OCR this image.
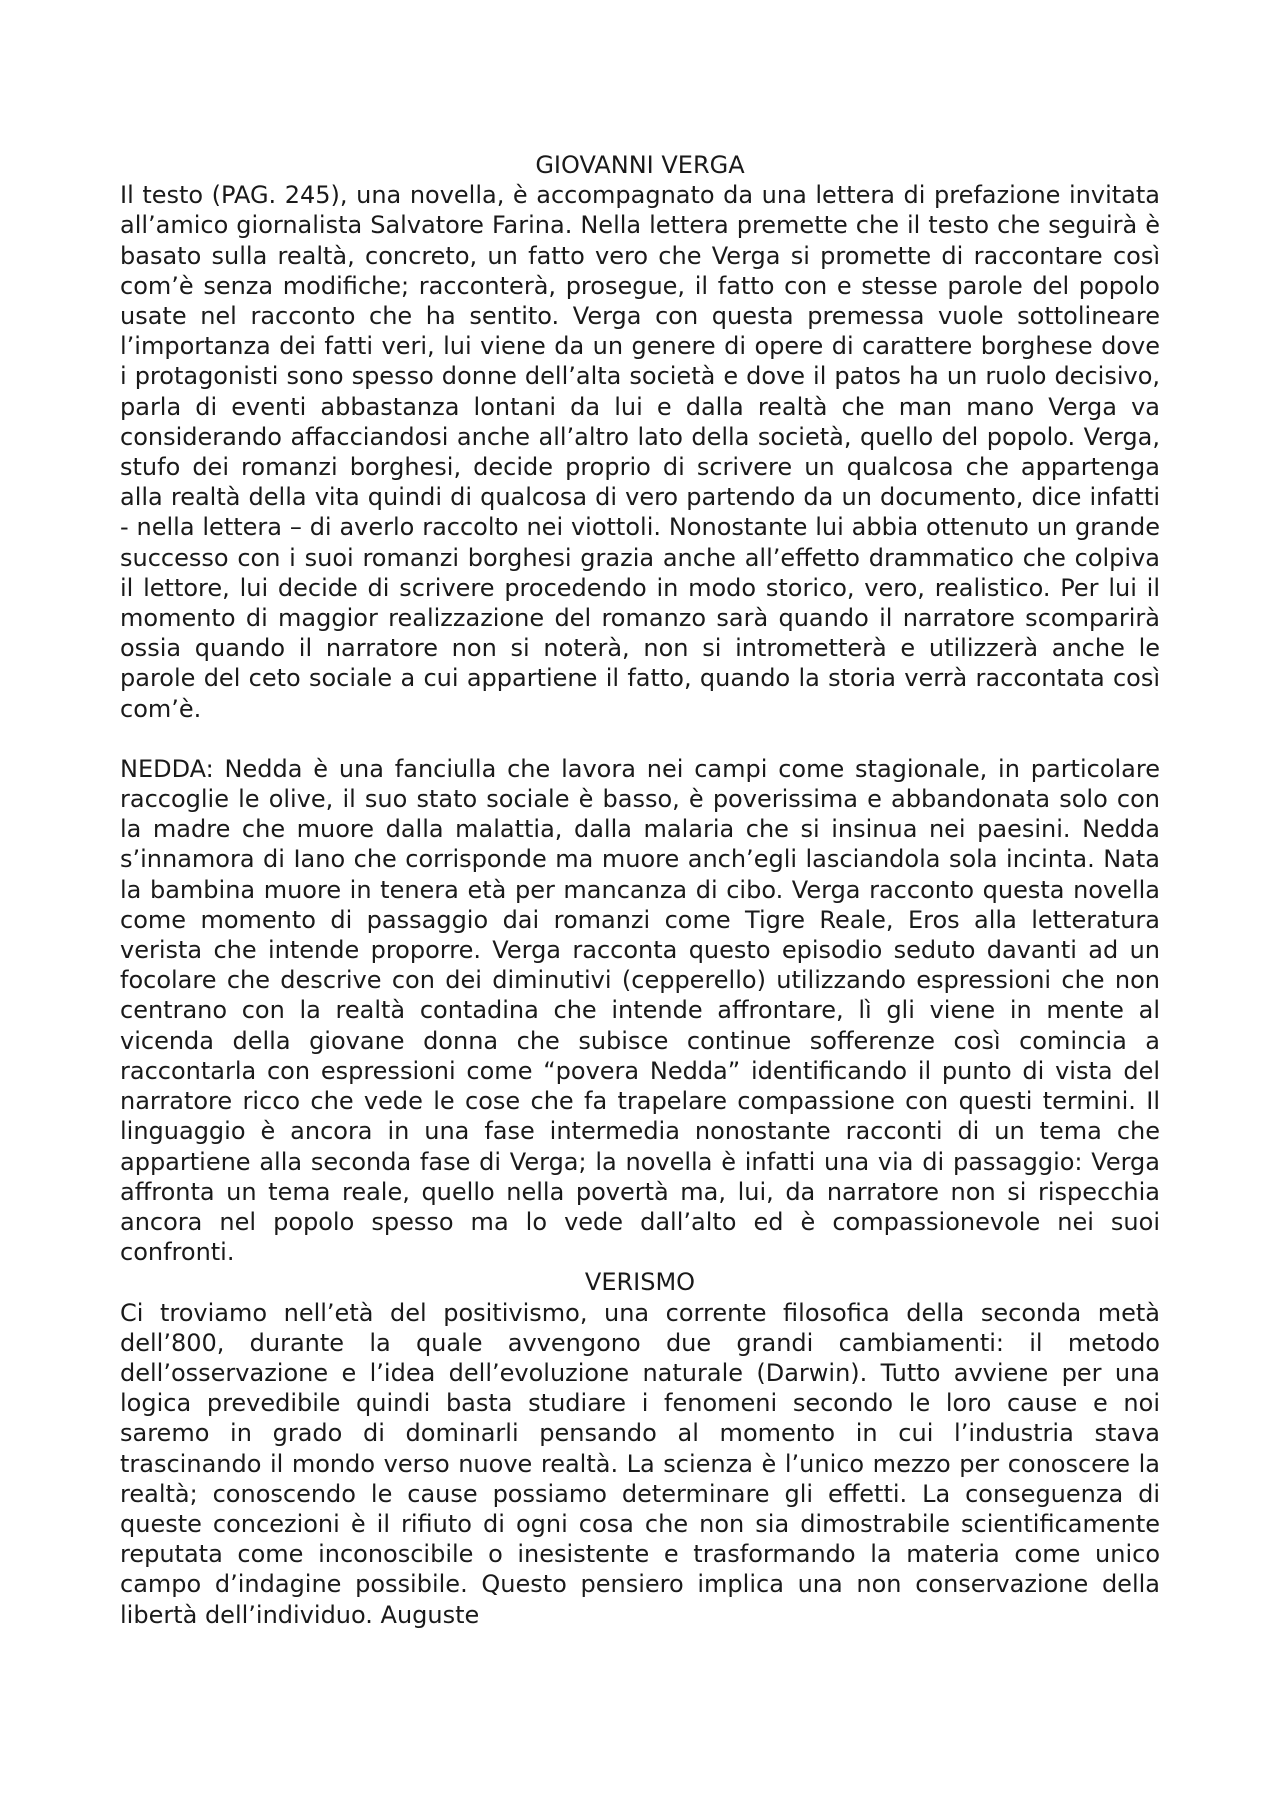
GIOVANNI VERGA

Il testo (PAG. 245), una novella, è accompagnato da una lettera di prefazione invitata all’amico giornalista Salvatore Farina. Nella lettera premette che il testo che seguirà è basato sulla realtà, concreto, un fatto vero che Verga si promette di raccontare così com’è senza modifiche; racconterà, prosegue, il fatto con e stesse parole del popolo usate nel racconto che ha sentito. Verga con questa premessa vuole sottolineare l’importanza dei fatti veri, lui viene da un genere di opere di carattere borghese dove i protagonisti sono spesso donne dell’alta società e dove il patos ha un ruolo decisivo, parla di eventi abbastanza lontani da lui e dalla realtà che man mano Verga va considerando affacciandosi anche all’altro lato della società, quello del popolo. Verga, stufo dei romanzi borghesi, decide proprio di scrivere un qualcosa che appartenga alla realtà della vita quindi di qualcosa di vero partendo da un documento, dice infatti - nella lettera – di averlo raccolto nei viottoli. Nonostante lui abbia ottenuto un grande successo con i suoi romanzi borghesi grazia anche all’effetto drammatico che colpiva il lettore, lui decide di scrivere procedendo in modo storico, vero, realistico. Per lui il momento di maggior realizzazione del romanzo sarà quando il narratore scomparirà ossia quando il narratore non si noterà, non si intrometterà e utilizzerà anche le parole del ceto sociale a cui appartiene il fatto, quando la storia verrà raccontata così com’è.

NEDDA: Nedda è una fanciulla che lavora nei campi come stagionale, in particolare raccoglie le olive, il suo stato sociale è basso, è poverissima e abbandonata solo con la madre che muore dalla malattia, dalla malaria che si insinua nei paesini. Nedda s’innamora di Iano che corrisponde ma muore anch’egli lasciandola sola incinta. Nata la bambina muore in tenera età per mancanza di cibo. Verga racconto questa novella come momento di passaggio dai romanzi come Tigre Reale, Eros alla letteratura verista che intende proporre. Verga racconta questo episodio seduto davanti ad un focolare che descrive con dei diminutivi (cepperello) utilizzando espressioni che non centrano con la realtà contadina che intende affrontare, lì gli viene in mente al vicenda della giovane donna che subisce continue sofferenze così comincia a raccontarla con espressioni come “povera Nedda” identificando il punto di vista del narratore ricco che vede le cose che fa trapelare compassione con questi termini. Il linguaggio è ancora in una fase intermedia nonostante racconti di un tema che appartiene alla seconda fase di Verga; la novella è infatti una via di passaggio: Verga affronta un tema reale, quello nella povertà ma, lui, da narratore non si rispecchia ancora nel popolo spesso ma lo vede dall’alto ed è compassionevole nei suoi confronti.

VERISMO

Ci troviamo nell’età del positivismo, una corrente filosofica della seconda metà dell’800, durante la quale avvengono due grandi cambiamenti: il metodo dell’osservazione e l’idea dell’evoluzione naturale (Darwin). Tutto avviene per una logica prevedibile quindi basta studiare i fenomeni secondo le loro cause e noi saremo in grado di dominarli pensando al momento in cui l’industria stava trascinando il mondo verso nuove realtà. La scienza è l’unico mezzo per conoscere la realtà; conoscendo le cause possiamo determinare gli effetti. La conseguenza di queste concezioni è il rifiuto di ogni cosa che non sia dimostrabile scientificamente reputata come inconoscibile o inesistente e trasformando la materia come unico campo d’indagine possibile. Questo pensiero implica una non conservazione della libertà dell’individuo. Auguste
